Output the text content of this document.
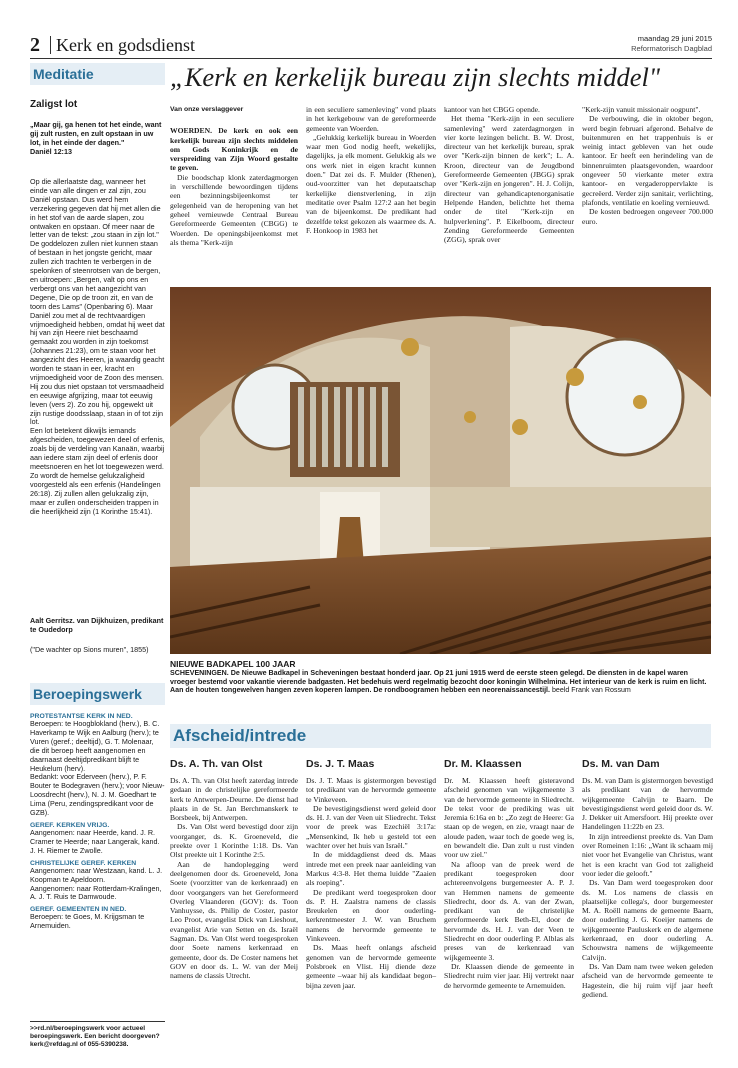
2 Kerk en godsdienst	maandag 29 juni 2015
Reformatorisch Dagblad
Meditatie
Zaligst lot
„Maar gij, ga henen tot het einde, want gij zult rusten, en zult opstaan in uw lot, in het einde der dagen."
Daniël 12:13

Op die allerlaatste dag, wanneer het einde van alle dingen er zal zijn, zou Daniël opstaan. Dus werd hem verzekering gegeven dat hij met allen die in het stof van de aarde slapen, zou ontwaken en opstaan. Of meer naar de letter van de tekst: „zou staan in zijn lot." De goddelozen zullen niet kunnen staan of bestaan in het jongste gericht, maar zullen zich trachten te verbergen in de spelonken of steenrotsen van de bergen, en uitroepen: „Bergen, valt op ons en verbergt ons van het aangezicht van Degene, Die op de troon zit, en van de toorn des Lams" (Openbaring 6). Maar Daniël zou met al de rechtvaardigen vrijmoedigheid hebben, omdat hij weet dat hij van zijn Heere niet beschaamd gemaakt zou worden in zijn toekomst (Johannes 21:23), om te staan voor het aangezicht des Heeren, ja waardig geacht worden te staan in eer, kracht en vrijmoedigheid voor de Zoon des mensen. Hij zou dus niet opstaan tot versmaadheid en eeuwige afgrijzing, maar tot eeuwig leven (vers 2). Zo zou hij, opgewekt uit zijn rustige doodsslaap, staan in of tot zijn lot.

Een lot betekent dikwijls iemands afgescheiden, toegewezen deel of erfenis, zoals bij de verdeling van Kanaän, waarbij aan iedere stam zijn deel of erfenis door meetsnoeren en het lot toegewezen werd. Zo wordt de hemelse gelukzaligheid voorgesteld als een erfenis (Handelingen 26:18). Zij zullen allen gelukzalig zijn, maar er zullen onderscheiden trappen in die heerlijkheid zijn (1 Korinthe 15:41).

Aalt Gerritsz. van Dijkhuizen, predikant te Oudedorp
("De wachter op Sions muren", 1855)
Beroepingswerk
PROTESTANTSE KERK IN NED.
Beroepen: te Hoogblokland (herv.), B. C. Haverkamp te Wijk en Aalburg (herv.); te Vuren (geref.; deeltijd), G. T. Molenaar, die dit beroep heeft aangenomen en daarnaast deeltijdpredikant blijft te Heukelum (herv).
Bedankt: voor Ederveen (herv.), P. F. Bouter te Bodegraven (herv.); voor Nieuw-Loosdrecht (herv.), N. J. M. Goedhart te Lima (Peru, zendingspredikant voor de GZB).
GEREF. KERKEN VRIJG.
Aangenomen: naar Heerde, kand. J. R. Cramer te Heerde; naar Langerak, kand. J. H. Riemer te Zwolle.
CHRISTELIJKE GEREF. KERKEN
Aangenomen: naar Westzaan, kand. L. J. Koopman te Apeldoorn.
Aangenomen: naar Rotterdam-Kralingen, A. J. T. Ruis te Damwoude.
GEREF. GEMEENTEN IN NED.
Beroepen: te Goes, M. Krijgsman te Arnemuiden.
>>rd.nl/beroepingswerk voor actueel beroepingswerk. Een bericht doorgeven? kerk@refdag.nl of 055-5390238.
„Kerk en kerkelijk bureau zijn slechts middel"

Van onze verslaggever

WOERDEN. De kerk en ook een kerkelijk bureau zijn slechts middelen om Gods Koninkrijk en de verspreiding van Zijn Woord gestalte te geven.

Die boodschap klonk zaterdagmorgen in verschillende bewoordingen tijdens een bezinningsbijeenkomst ter gelegenheid van de heropening van het geheel vernieuwde Centraal Bureau Gereformeerde Gemeenten (CBGG) te Woerden. De openingsbijeenkomst met als thema "Kerk-zijn

in een seculiere samenleving" vond plaats in het kerkgebouw van de gereformeerde gemeente van Woerden.

„Gelukkig kerkelijk bureau in Woerden waar men God nodig heeft, wekelijks, dagelijks, ja elk moment. Gelukkig als we ons werk niet in eigen kracht kunnen doen." Dat zei ds. F. Mulder (Rhenen), oud-voorzitter van het deputaatschap kerkelijke dienstverlening, in zijn meditatie over Psalm 127:2 aan het begin van de bijeenkomst. De predikant had dezelfde tekst gekozen als waarmee ds. A. F. Honkoop in 1983 het

kantoor van het CBGG opende.

Het thema "Kerk-zijn in een seculiere samenleving" werd zaterdagmorgen in vier korte lezingen belicht. B. W. Drost, directeur van het kerkelijk bureau, sprak over "Kerk-zijn binnen de kerk"; L. A. Kroon, directeur van de Jeugdbond Gereformeerde Gemeenten (JBGG) sprak over "Kerk-zijn en jongeren". H. J. Colijn, directeur van gehandicaptenorganisatie Helpende Handen, belichtte het thema onder de titel "Kerk-zijn en hulpverlening". P. Eikelboom, directeur Zending Gereformeerde Gemeenten (ZGG), sprak over

"Kerk-zijn vanuit missionair oogpunt".

De verbouwing, die in oktober begon, werd begin februari afgerond. Behalve de buitenmuren en het trappenhuis is er weinig intact gebleven van het oude kantoor. Er heeft een herindeling van de binnenruimten plaatsgevonden, waardoor ongeveer 50 vierkante meter extra kantoor- en vergaderoppervlakte is gecreëerd. Verder zijn sanitair, verlichting, plafonds, ventilatie en koeling vernieuwd.

De kosten bedroegen ongeveer 700.000 euro.

NIEUWE BADKAPEL 100 JAAR
SCHEVENINGEN. De Nieuwe Badkapel in Scheveningen bestaat honderd jaar. Op 21 juni 1915 werd de eerste steen gelegd. De diensten in de kapel waren vroeger bestemd voor vakantie vierende badgasten. Het bedehuis werd regelmatig bezocht door koningin Wilhelmina. Het interieur van de kerk is ruim en licht. Aan de houten tongewelven hangen zeven koperen lampen. De rondboogramen hebben een neorenaissancestijl. beeld Frank van Rossum
Afscheid/intrede
Ds. A. Th. van Olst

Ds. A. Th. van Olst heeft zaterdag intrede gedaan in de christelijke gereformeerde kerk te Antwerpen-Deurne. De dienst had plaats in de St. Jan Berchmanskerk te Borsbeek, bij Antwerpen.

Ds. Van Olst werd bevestigd door zijn voorganger, ds. K. Groeneveld, die preekte over 1 Korinthe 1:18. Ds. Van Olst preekte uit 1 Korinthe 2:5.

Aan de handoplegging werd deelgenomen door ds. Groeneveld, Jona Soete (voorzitter van de kerkenraad) en door voorgangers van het Gereformeerd Overleg Vlaanderen (GOV): ds. Toon Vanhuysse, ds. Philip de Coster, pastor Leo Proot, evangelist Dick van Lieshout, evangelist Arie van Setten en ds. Israël Sagman. Ds. Van Olst werd toegesproken door Soete namens kerkenraad en gemeente, door ds. De Coster namens het GOV en door ds. L. W. van der Meij namens de classis Utrecht.

Ds. J. T. Maas

Ds. J. T. Maas is gistermorgen bevestigd tot predikant van de hervormde gemeente te Vinkeveen.

De bevestigingsdienst werd geleid door ds. H. J. van der Veen uit Sliedrecht. Tekst voor de preek was Ezechiël 3:17a: „Mensenkind, Ik heb u gesteld tot een wachter over het huis van Israël."

In de middagdienst deed ds. Maas intrede met een preek naar aanleiding van Markus 4:3-8. Het thema luidde "Zaaien als roeping".

De predikant werd toegesproken door ds. P. H. Zaalstra namens de classis Breukelen en door ouderling-kerkrentmeester J. W. van Bruchem namens de hervormde gemeente te Vinkeveen.

Ds. Maas heeft onlangs afscheid genomen van de hervormde gemeente Polsbroek en Vlist. Hij diende deze gemeente –waar hij als kandidaat begon– bijna zeven jaar.

Dr. M. Klaassen

Dr. M. Klaassen heeft gisteravond afscheid genomen van wijkgemeente 3 van de hervormde gemeente in Sliedrecht. De tekst voor de prediking was uit Jeremia 6:16a en b: „Zo zegt de Heere: Ga staan op de wegen, en zie, vraagt naar de aloude paden, waar toch de goede weg is, en bewandelt die. Dan zult u rust vinden voor uw ziel."

Na afloop van de preek werd de predikant toegesproken door achtereenvolgens burgemeester A. P. J. van Hemmen namens de gemeente Sliedrecht, door ds. A. van der Zwan, predikant van de christelijke gereformeerde kerk Beth-El, door de hervormde ds. H. J. van der Veen te Sliedrecht en door ouderling P. Alblas als preses van de kerkenraad van wijkgemeente 3.

Dr. Klaassen diende de gemeente in Sliedrecht ruim vier jaar. Hij vertrekt naar de hervormde gemeente te Arnemuiden.

Ds. M. van Dam

Ds. M. van Dam is gistermorgen bevestigd als predikant van de hervormde wijkgemeente Calvijn te Baarn. De bevestigingsdienst werd geleid door ds. W. J. Dekker uit Amersfoort. Hij preekte over Handelingen 11:22b en 23.

In zijn intreedienst preekte ds. Van Dam over Romeinen 1:16: „Want ik schaam mij niet voor het Evangelie van Christus, want het is een kracht van God tot zaligheid voor ieder die gelooft."

Ds. Van Dam werd toegesproken door ds. M. Los namens de classis en plaatselijke collega's, door burgemeester M. A. Roëll namens de gemeente Baarn, door ouderling J. G. Koeijer namens de wijkgemeente Pauluskerk en de algemene kerkenraad, en door ouderling A. Schouwstra namens de wijkgemeente Calvijn.

Ds. Van Dam nam twee weken geleden afscheid van de hervormde gemeente te Hagestein, die hij ruim vijf jaar heeft gediend.
